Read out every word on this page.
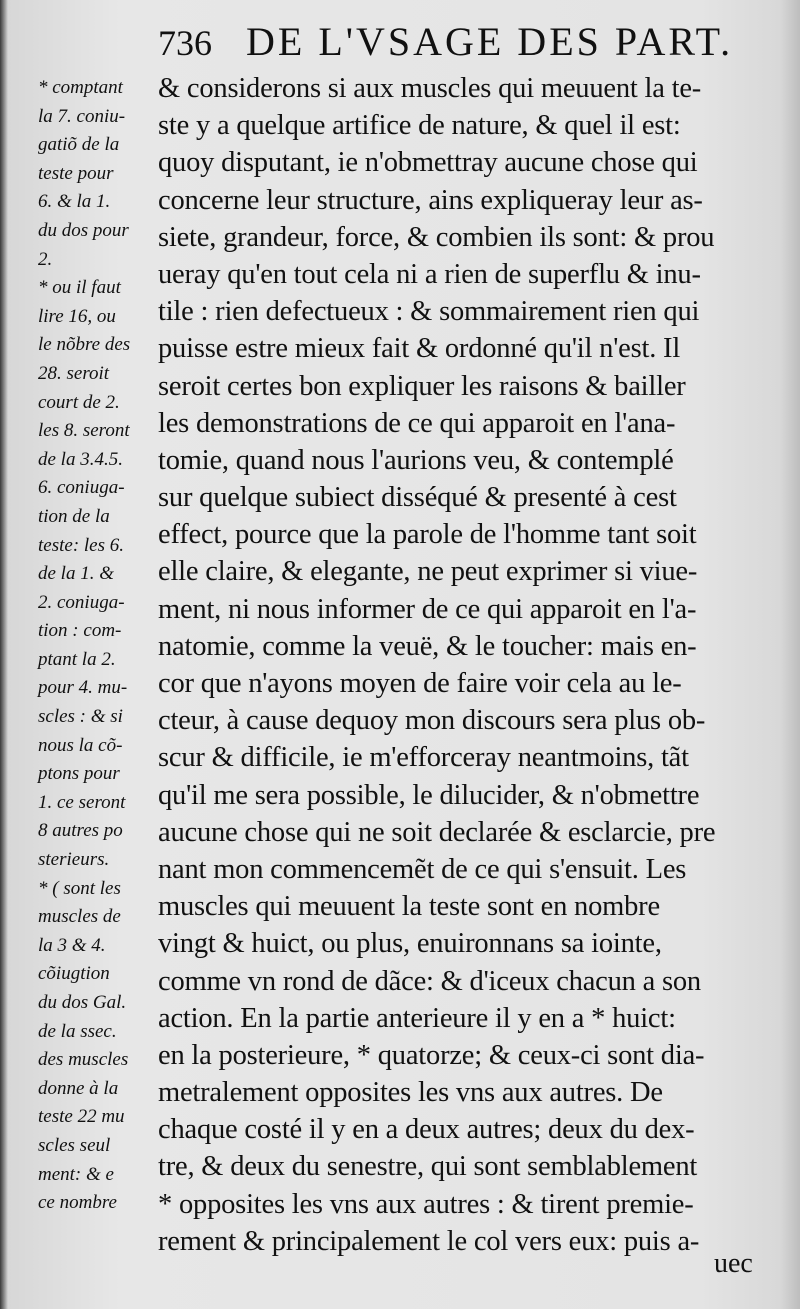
736 DE L'VSAGE DES PART.
* comptant
la 7. coniu-
gatiõ de la
teste pour
6. & la 1.
du dos pour
2.
* ou il faut
lire 16, ou
le nõbre des
28. seroit
court de 2.
les 8. seront
de la 3.4.5.
6. coniuga-
tion de la
teste: les 6.
de la 1. &
2. coniuga-
tion : com-
ptant la 2.
pour 4. mu-
scles : & si
nous la cõ-
ptons pour
1. ce seront
8 autres po
sterieurs.
* ( sont les
muscles de
la 3 & 4.
cõiugtion
du dos Gal.
de la ssec.
des muscles
donne à la
teste 22 mu
scles seul
ment: & e
ce nombre
& considerons si aux muscles qui meuuent la te-
ste y a quelque artifice de nature, & quel il est:
quoy disputant, ie n'obmettray aucune chose qui
concerne leur structure, ains expliqueray leur as-
siete, grandeur, force, & combien ils sont: & prou
ueray qu'en tout cela ni a rien de superflu & inu-
tile : rien defectueux : & sommairement rien qui
puisse estre mieux fait & ordonné qu'il n'est. Il
seroit certes bon expliquer les raisons & bailler
les demonstrations de ce qui apparoit en l'ana-
tomie, quand nous l'aurions veu, & contemplé
sur quelque subiect disséqué & presenté à cest
effect, pource que la parole de l'homme tant soit
elle claire, & elegante, ne peut exprimer si viue-
ment, ni nous informer de ce qui apparoit en l'a-
natomie, comme la veuë, & le toucher: mais en-
cor que n'ayons moyen de faire voir cela au le-
cteur, à cause dequoy mon discours sera plus ob-
scur & difficile, ie m'efforceray neantmoins, tãt
qu'il me sera possible, le dilucider, & n'obmettre
aucune chose qui ne soit declarée & esclarcie, pre
nant mon commencemẽt de ce qui s'ensuit. Les
muscles qui meuuent la teste sont en nombre
vingt & huict, ou plus, enuironnans sa iointe,
comme vn rond de dãce: & d'iceux chacun a son
action. En la partie anterieure il y en a * huict:
en la posterieure, * quatorze; & ceux-ci sont dia-
metralement opposites les vns aux autres. De
chaque costé il y en a deux autres; deux du dex-
tre, & deux du senestre, qui sont semblablement
* opposites les vns aux autres : & tirent premie-
rement & principalement le col vers eux: puis a-
uec
